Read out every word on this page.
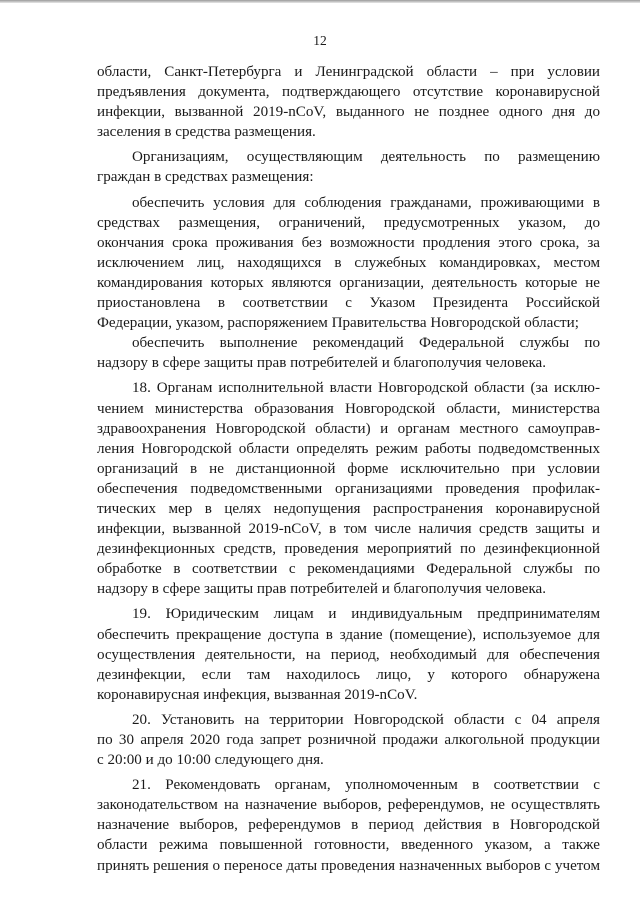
12

области, Санкт-Петербурга и Ленинградской области – при условии
предъявления документа, подтверждающего отсутствие коронавирусной
инфекции, вызванной 2019-nCoV, выданного не позднее одного дня до
заселения в средства размещения.

Организациям, осуществляющим деятельность по размещению
граждан в средствах размещения:

обеспечить условия для соблюдения гражданами, проживающими в
средствах размещения, ограничений, предусмотренных указом, до
окончания срока проживания без возможности продления этого срока, за
исключением лиц, находящихся в служебных командировках, местом
командирования которых являются организации, деятельность которые не
приостановлена в соответствии с Указом Президента Российской
Федерации, указом, распоряжением Правительства Новгородской области;

обеспечить выполнение рекомендаций Федеральной службы по
надзору в сфере защиты прав потребителей и благополучия человека.

18. Органам исполнительной власти Новгородской области (за исклю-
чением министерства образования Новгородской области, министерства
здравоохранения Новгородской области) и органам местного самоупрaв-
ления Новгородской области определять режим работы подведомственных
организаций в не дистанционной форме исключительно при условии
обеспечения подведомственными организациями проведения профилак-
тических мер в целях недопущения распространения коронавирусной
инфекции, вызванной 2019-nCoV, в том числе наличия средств защиты и
дезинфекционных средств, проведения мероприятий по дезинфекционной
обработке в соответствии с рекомендациями Федеральной службы по
надзору в сфере защиты прав потребителей и благополучия человека.

19. Юридическим лицам и индивидуальным предпринимателям
обеспечить прекращение доступа в здание (помещение), используемое для
осуществления деятельности, на период, необходимый для обеспечения
дезинфекции, если там находилось лицо, у которого обнаружена
коронавирусная инфекция, вызванная 2019-nCoV.

20. Установить на территории Новгородской области с 04 апреля
по 30 апреля 2020 года запрет розничной продажи алкогольной продукции
с 20:00 и до 10:00 следующего дня.

21. Рекомендовать органам, уполномоченным в соответствии с
законодательством на назначение выборов, референдумов, не осуществлять
назначение выборов, референдумов в период действия в Новгородской
области режима повышенной готовности, введенного указом, а также
принять решения о переносе даты проведения назначенных выборов с учетом
